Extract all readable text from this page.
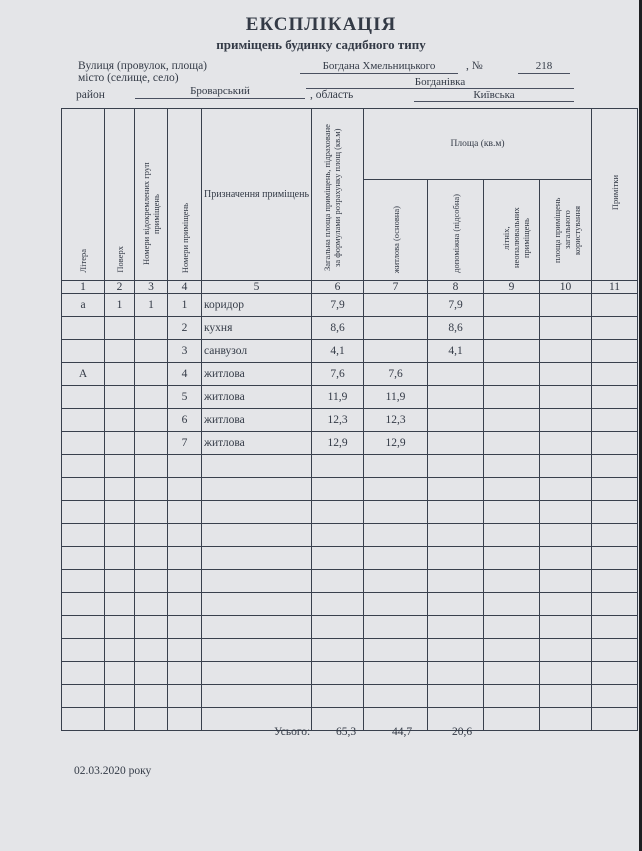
ЕКСПЛІКАЦІЯ
приміщень будинку садибного типу
Вулиця (провулок, площа)	Богдана Хмельницького	, №	218
місто (селище, село)	Богданівка
район	Броварський	, область	Київська
Літера	Поверх	Номери відокремлених груп приміщень	Номери приміщень	Призначення приміщень	Загальна площа приміщень, підраховане за формулами розрахунку площ (кв.м)	Площа (кв.м)				Примітки
						житлова (основна)	допоміжна (підсобна)	літніх, неопалювальних приміщень	площа приміщень загального користування	
1	2	3	4	5	6	7	8	9	10	11
а	1	1	1	коридор	7,9		7,9			
			2	кухня	8,6		8,6			
			3	санвузол	4,1		4,1			
А			4	житлова	7,6	7,6				
			5	житлова	11,9	11,9				
			6	житлова	12,3	12,3				
			7	житлова	12,9	12,9				

Усього: 65,3	44,7	20,6
02.03.2020 року
